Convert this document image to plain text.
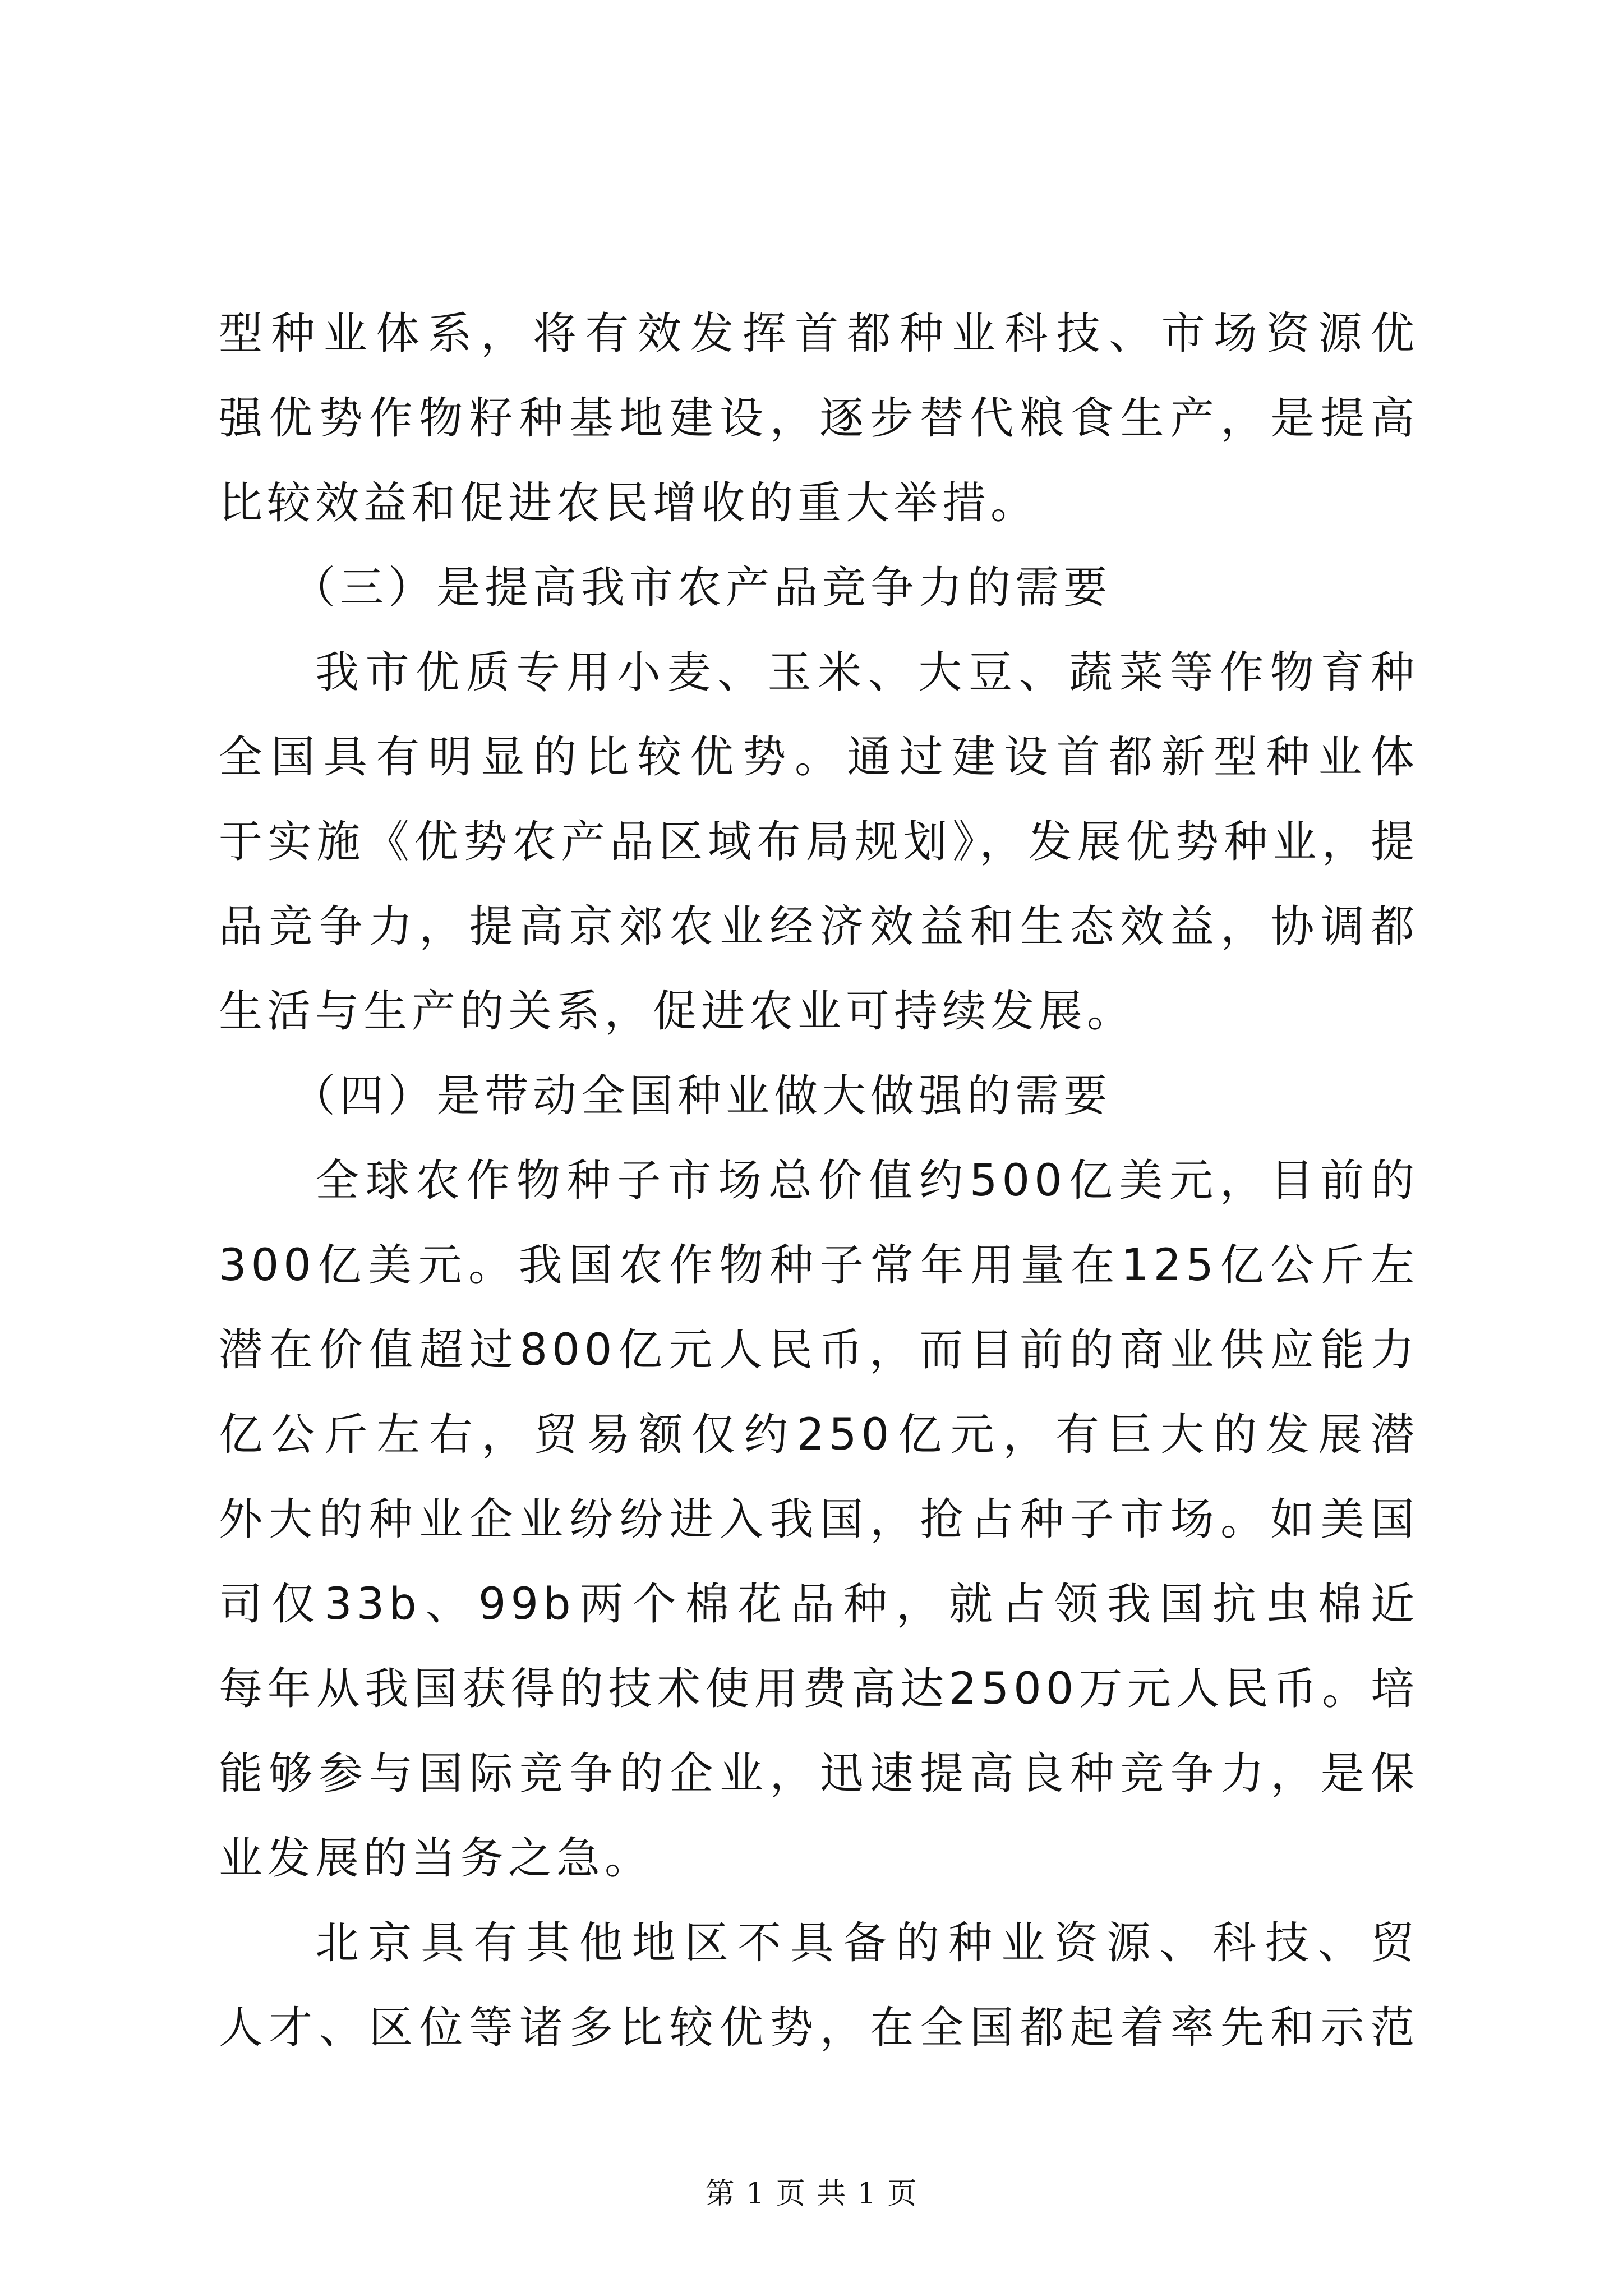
型种业体系，将有效发挥首都种业科技、市场资源优
强优势作物籽种基地建设，逐步替代粮食生产，是提高
比较效益和促进农民增收的重大举措。
（三）是提高我市农产品竞争力的需要
我市优质专用小麦、玉米、大豆、蔬菜等作物育种
全国具有明显的比较优势。通过建设首都新型种业体
于实施《优势农产品区域布局规划》，发展优势种业，提
品竞争力，提高京郊农业经济效益和生态效益，协调都
生活与生产的关系，促进农业可持续发展。
（四）是带动全国种业做大做强的需要
全球农作物种子市场总价值约500亿美元，目前的
300亿美元。我国农作物种子常年用量在125亿公斤左
潜在价值超过800亿元人民币，而目前的商业供应能力
亿公斤左右，贸易额仅约250亿元，有巨大的发展潜
外大的种业企业纷纷进入我国，抢占种子市场。如美国
司仅33b、99b两个棉花品种，就占领我国抗虫棉近
每年从我国获得的技术使用费高达2500万元人民币。培
能够参与国际竞争的企业，迅速提高良种竞争力，是保
业发展的当务之急。
北京具有其他地区不具备的种业资源、科技、贸
人才、区位等诸多比较优势，在全国都起着率先和示范
第 1 页 共 1 页
